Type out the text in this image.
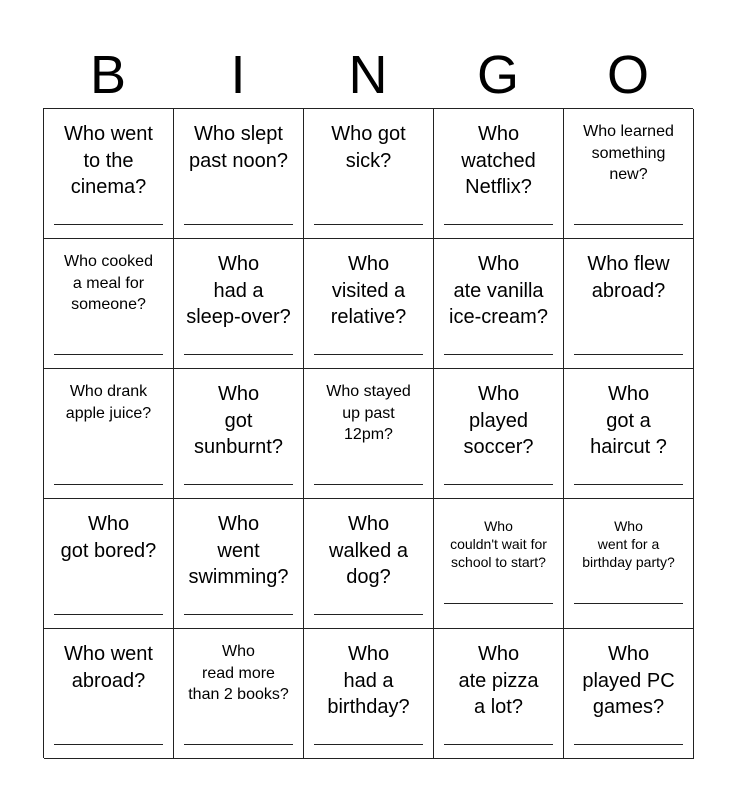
B	I	N	G	O
Who went
to the
cinema?
Who slept
past noon?
Who got
sick?
Who
watched
Netflix?
Who learned
something
new?
Who cooked
a meal for
someone?
Who
had a
sleep-over?
Who
visited a
relative?
Who
ate vanilla
ice-cream?
Who flew
abroad?
Who drank
apple juice?
Who
got
sunburnt?
Who stayed
up past
12pm?
Who
played
soccer?
Who
got a
haircut ?
Who
got bored?
Who
went
swimming?
Who
walked a
dog?
Who
couldn't wait for
school to start?
Who
went for a
birthday party?
Who went
abroad?
Who
read more
than 2 books?
Who
had a
birthday?
Who
ate pizza
a lot?
Who
played PC
games?
